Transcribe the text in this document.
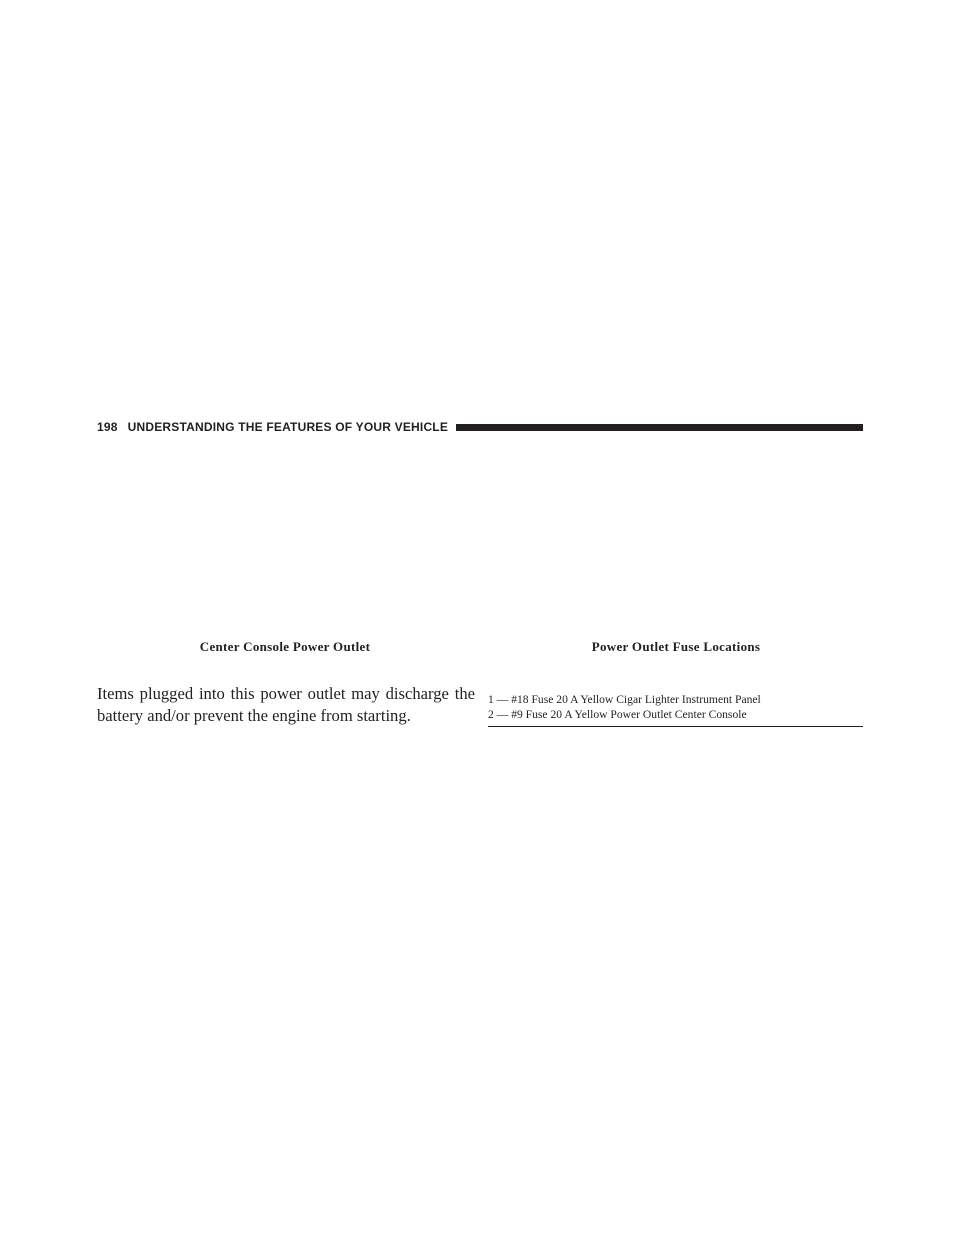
198 UNDERSTANDING THE FEATURES OF YOUR VEHICLE
Center Console Power Outlet

Items plugged into this power outlet may discharge the battery and/or prevent the engine from starting.

Power Outlet Fuse Locations
1 — #18 Fuse 20 A Yellow Cigar Lighter Instrument Panel
2 — #9 Fuse 20 A Yellow Power Outlet Center Console
